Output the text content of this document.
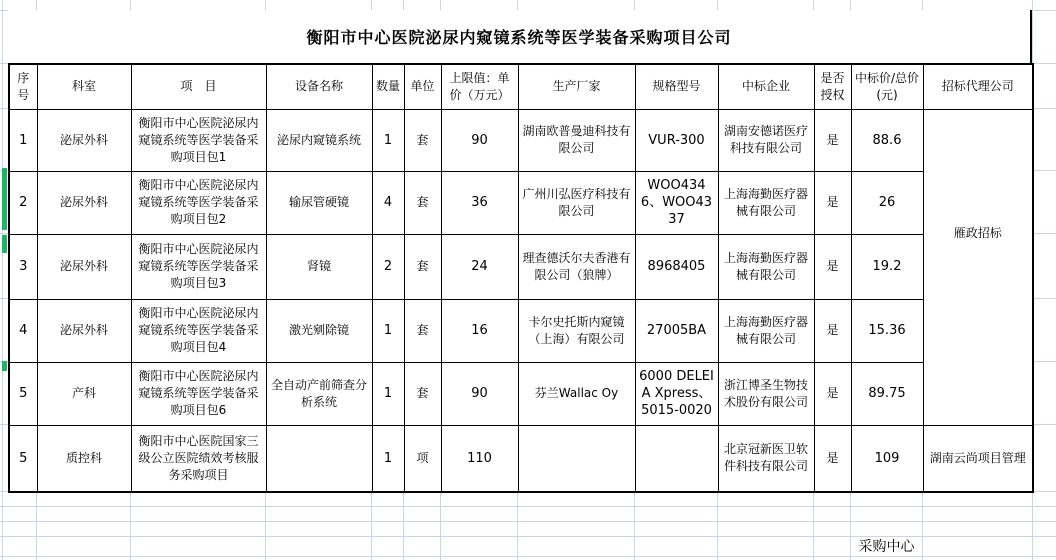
衡阳市中心医院泌尿内窥镜系统等医学装备采购项目公司
序号	科室	项　目	设备名称	数量	单位	上限值：单价（万元）	生产厂家	规格型号	中标企业	是否授权	中标价/总价(元)	招标代理公司
1	泌尿外科	衡阳市中心医院泌尿内窥镜系统等医学装备采购项目包1	泌尿内窥镜系统	1	套	90	湖南欧普曼迪科技有限公司	VUR-300	湖南安德诺医疗科技有限公司	是	88.6	雁政招标
2	泌尿外科	衡阳市中心医院泌尿内窥镜系统等医学装备采购项目包2	输尿管硬镜	4	套	36	广州川弘医疗科技有限公司	WOO4346、WOO4337	上海海勤医疗器械有限公司	是	26	
3	泌尿外科	衡阳市中心医院泌尿内窥镜系统等医学装备采购项目包3	肾镜	2	套	24	理查德沃尔夫香港有限公司（狼牌）	8968405	上海海勤医疗器械有限公司	是	19.2	
4	泌尿外科	衡阳市中心医院泌尿内窥镜系统等医学装备采购项目包4	激光剜除镜	1	套	16	卡尔史托斯内窥镜（上海）有限公司	27005BA	上海海勤医疗器械有限公司	是	15.36	
5	产科	衡阳市中心医院泌尿内窥镜系统等医学装备采购项目包6	全自动产前筛查分析系统	1	套	90	芬兰Wallac Oy	6000 DELEIA Xpress、5015-0020	浙江博圣生物技术股份有限公司	是	89.75	
5	质控科	衡阳市中心医院国家三级公立医院绩效考核服务采购项目		1	项	110			北京冠新医卫软件科技有限公司	是	109	湖南云尚项目管理
采购中心
